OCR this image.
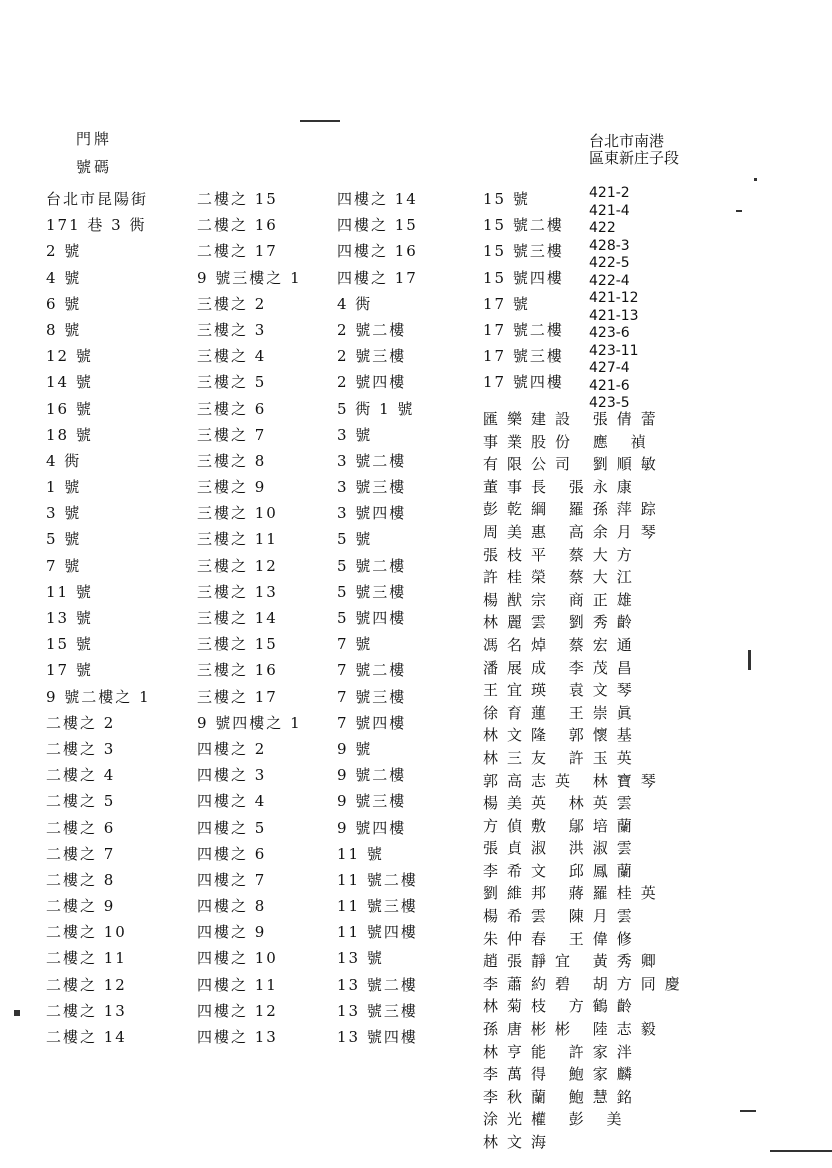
門牌
號碼
台北市南港
區東新庄子段
台北市昆陽街
171 巷 3 衖
2 號
4 號
6 號
8 號
12 號
14 號
16 號
18 號
4 衖
1 號
3 號
5 號
7 號
11 號
13 號
15 號
17 號
9 號二樓之 1
二樓之 2
二樓之 3
二樓之 4
二樓之 5
二樓之 6
二樓之 7
二樓之 8
二樓之 9
二樓之 10
二樓之 11
二樓之 12
二樓之 13
二樓之 14
二樓之 15
二樓之 16
二樓之 17
9 號三樓之 1
三樓之 2
三樓之 3
三樓之 4
三樓之 5
三樓之 6
三樓之 7
三樓之 8
三樓之 9
三樓之 10
三樓之 11
三樓之 12
三樓之 13
三樓之 14
三樓之 15
三樓之 16
三樓之 17
9 號四樓之 1
四樓之 2
四樓之 3
四樓之 4
四樓之 5
四樓之 6
四樓之 7
四樓之 8
四樓之 9
四樓之 10
四樓之 11
四樓之 12
四樓之 13
四樓之 14
四樓之 15
四樓之 16
四樓之 17
4 衖
2 號二樓
2 號三樓
2 號四樓
5 衖 1 號
3 號
3 號二樓
3 號三樓
3 號四樓
5 號
5 號二樓
5 號三樓
5 號四樓
7 號
7 號二樓
7 號三樓
7 號四樓
9 號
9 號二樓
9 號三樓
9 號四樓
11 號
11 號二樓
11 號三樓
11 號四樓
13 號
13 號二樓
13 號三樓
13 號四樓
15 號
15 號二樓
15 號三樓
15 號四樓
17 號
17 號二樓
17 號三樓
17 號四樓
421-2
421-4
422
428-3
422-5
422-4
421-12
421-13
423-6
423-11
427-4
421-6
423-5
匯樂建設 張倩蕾
事業股份 應 禎
有限公司 劉順敏
董事長 張永康
彭乾綱 羅孫萍踪
周美惠 高余月琴
張枝平 蔡大方
許桂榮 蔡大江
楊猷宗 商正雄
林麗雲 劉秀齡
馮名焯 蔡宏通
潘展成 李茂昌
王宜瑛 袁文琴
徐育蓮 王崇眞
林文隆 郭懷基
林三友 許玉英
郭高志英 林寶琴
楊美英 林英雲
方偵敷 鄔培蘭
張貞淑 洪淑雲
李希文 邱鳳蘭
劉維邦 蔣羅桂英
楊希雲 陳月雲
朱仲春 王偉修
趙張靜宜 黃秀卿
李蕭約碧 胡方同慶
林菊枝 方鶴齡
孫唐彬彬 陸志毅
林亨能 許家泮
李萬得 鮑家麟
李秋蘭 鮑慧銘
涂光權 彭 美
林文海
